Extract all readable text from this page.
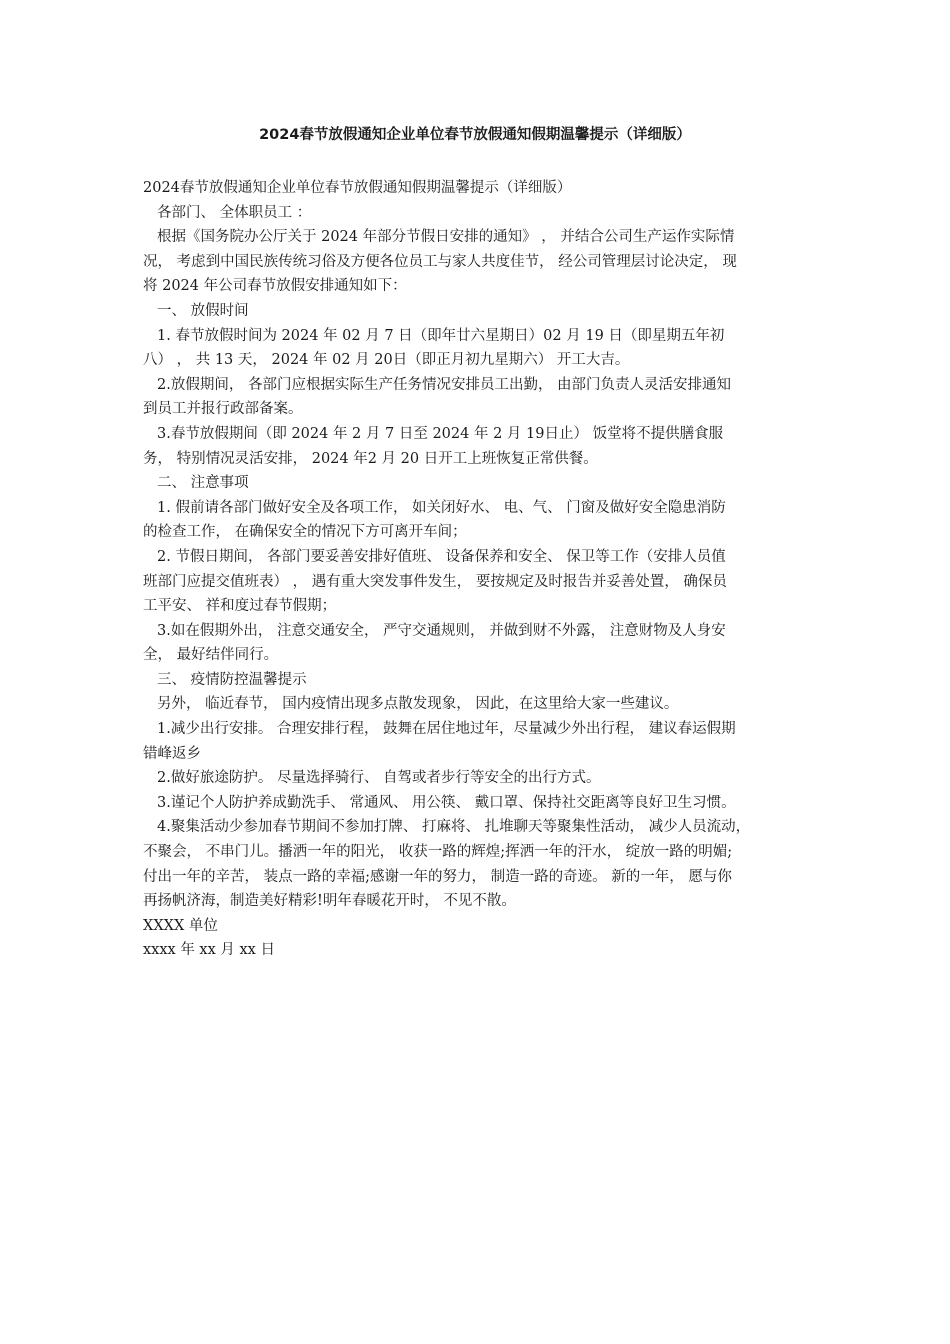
2024春节放假通知企业单位春节放假通知假期温馨提示（详细版）
2024春节放假通知企业单位春节放假通知假期温馨提示（详细版）
各部门、 全体职员工 ：
根据《国务院办公厅关于 2024 年部分节假日安排的通知》 ， 并结合公司生产运作实际情
况， 考虑到中国民族传统习俗及方便各位员工与家人共度佳节， 经公司管理层讨论决定， 现
将 2024 年公司春节放假安排通知如下：
一、 放假时间
1. 春节放假时间为 2024 年 02 月 7 日（即年廿六星期日）02 月 19 日（即星期五年初
八） ， 共 13 天， 2024 年 02 月 20日（即正月初九星期六） 开工大吉。
2.放假期间， 各部门应根据实际生产任务情况安排员工出勤， 由部门负责人灵活安排通知
到员工并报行政部备案。
3.春节放假期间（即 2024 年 2 月 7 日至 2024 年 2 月 19日止） 饭堂将不提供膳食服
务， 特别情况灵活安排， 2024 年2 月 20 日开工上班恢复正常供餐。
二、 注意事项
1. 假前请各部门做好安全及各项工作， 如关闭好水、 电、气、 门窗及做好安全隐患消防
的检查工作， 在确保安全的情况下方可离开车间；
2. 节假日期间， 各部门要妥善安排好值班、 设备保养和安全、 保卫等工作（安排人员值
班部门应提交值班表） ， 遇有重大突发事件发生， 要按规定及时报告并妥善处置， 确保员
工平安、 祥和度过春节假期；
3.如在假期外出， 注意交通安全， 严守交通规则， 并做到财不外露， 注意财物及人身安
全， 最好结伴同行。
三、 疫情防控温馨提示
另外， 临近春节， 国内疫情出现多点散发现象， 因此，在这里给大家一些建议。
1.减少出行安排。 合理安排行程， 鼓舞在居住地过年，尽量减少外出行程， 建议春运假期
错峰返乡
2.做好旅途防护。 尽量选择骑行、 自驾或者步行等安全的出行方式。
3.谨记个人防护养成勤洗手、 常通风、 用公筷、 戴口罩、保持社交距离等良好卫生习惯。
4.聚集活动少参加春节期间不参加打牌、 打麻将、 扎堆聊天等聚集性活动， 减少人员流动，
不聚会， 不串门儿。播洒一年的阳光， 收获一路的辉煌;挥洒一年的汗水， 绽放一路的明媚;
付出一年的辛苦， 装点一路的幸福;感谢一年的努力， 制造一路的奇迹。 新的一年， 愿与你
再扬帆济海，制造美好精彩!明年春暖花开时， 不见不散。
XXXX 单位
xxxx 年 xx 月 xx 日
